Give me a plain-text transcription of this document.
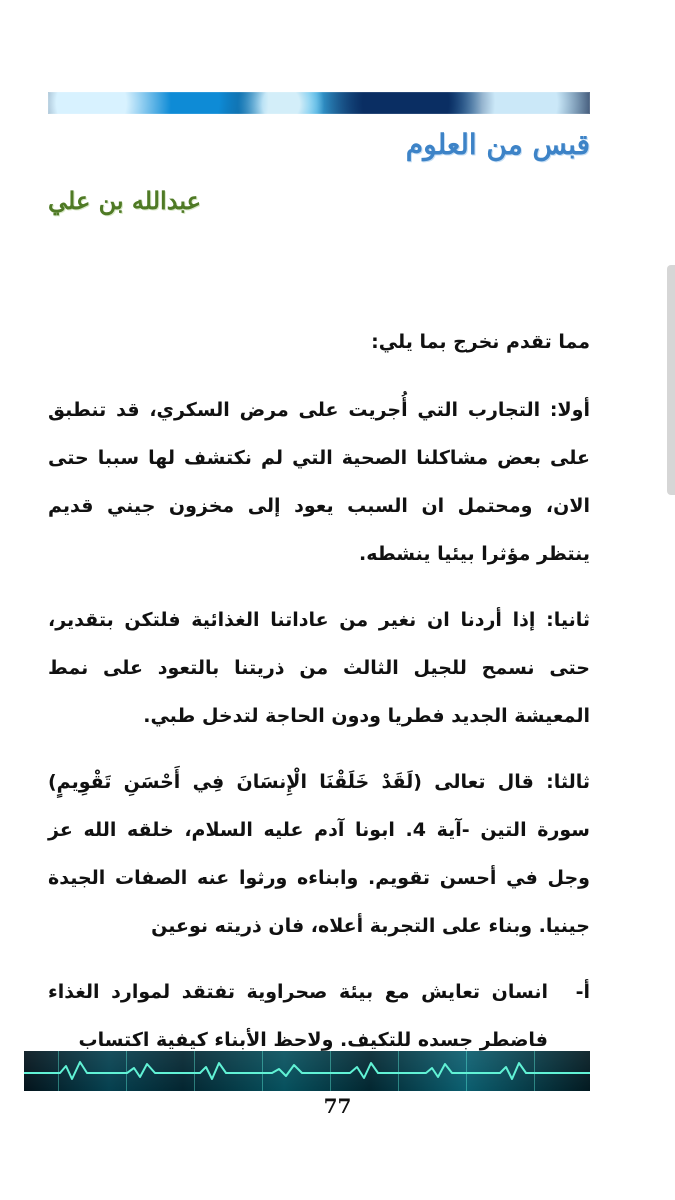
قبس من العلوم
عبدالله بن علي

مما تقدم نخرج بما يلي:

أولا: التجارب التي أُجريت على مرض السكري، قد تنطبق على بعض مشاكلنا الصحية التي لم نكتشف لها سببا حتى الان، ومحتمل ان السبب يعود إلى مخزون جيني قديم ينتظر مؤثرا بيئيا ينشطه.

ثانيا: إذا أردنا ان نغير من عاداتنا الغذائية فلتكن بتقدير، حتى نسمح للجيل الثالث من ذريتنا بالتعود على نمط المعيشة الجديد فطريا ودون الحاجة لتدخل طبي.

ثالثا: قال تعالى (لَقَدْ خَلَقْنَا الْإِنسَانَ فِي أَحْسَنِ تَقْوِيمٍ) سورة التين -آية 4. ابونا آدم عليه السلام، خلقه الله عز وجل في أحسن تقويم. وابناءه ورثوا عنه الصفات الجيدة جينيا. وبناء على التجربة أعلاه، فان ذريته نوعين

أ-
انسان تعايش مع بيئة صحراوية تفتقد لموارد الغذاء فاضطر جسده للتكيف. ولاحظ الأبناء كيفية اكتساب

77
